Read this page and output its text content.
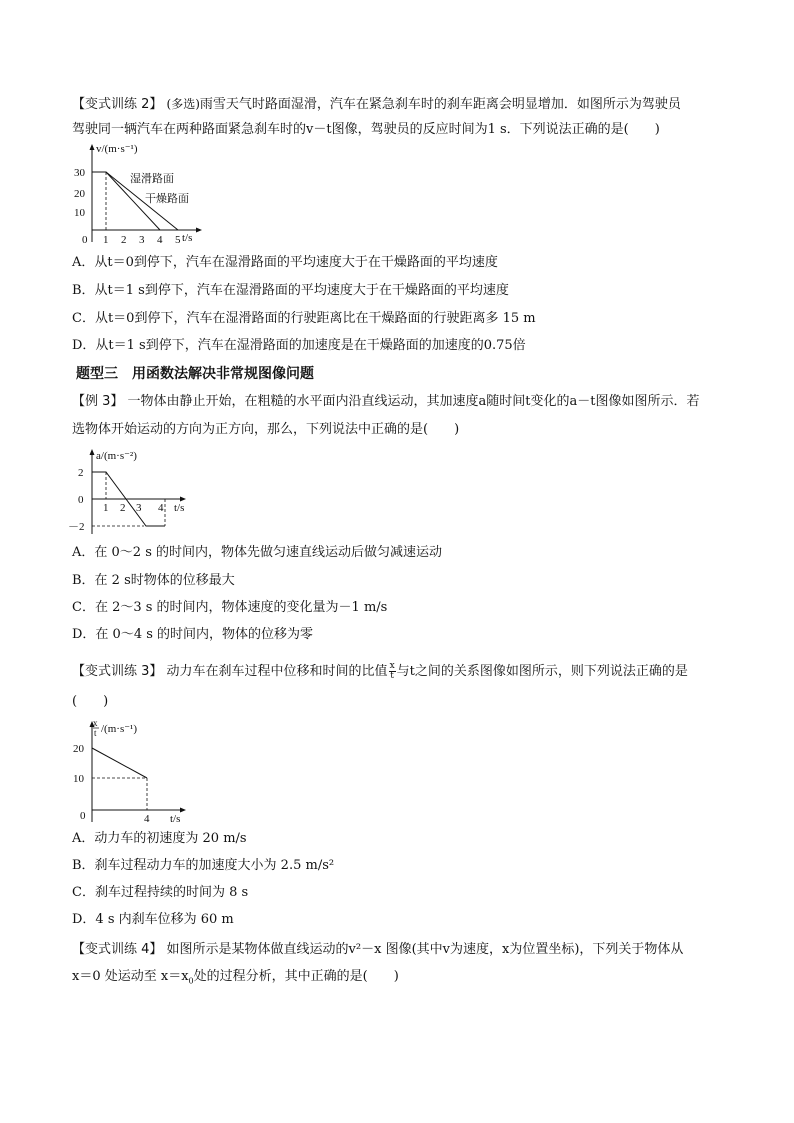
【变式训练 2】 (多选)雨雪天气时路面湿滑，汽车在紧急刹车时的刹车距离会明显增加．如图所示为驾驶员
驾驶同一辆汽车在两种路面紧急刹车时的v－t图像，驾驶员的反应时间为1 s．下列说法正确的是(　　)
v/(m·s⁻¹)
30
20
10
0 1 2 3 4 5 t/s
湿滑路面
干燥路面
A．从t＝0到停下，汽车在湿滑路面的平均速度大于在干燥路面的平均速度
B．从t＝1 s到停下，汽车在湿滑路面的平均速度大于在干燥路面的平均速度
C．从t＝0到停下，汽车在湿滑路面的行驶距离比在干燥路面的行驶距离多 15 m
D．从t＝1 s到停下，汽车在湿滑路面的加速度是在干燥路面的加速度的0.75倍
题型三　用函数法解决非常规图像问题
【例 3】 一物体由静止开始，在粗糙的水平面内沿直线运动，其加速度a随时间t变化的a－t图像如图所示．若
选物体开始运动的方向为正方向，那么，下列说法中正确的是(　　)
a/(m·s⁻²)
2
0
－2
1 2 3 4 t/s
A．在 0～2 s 的时间内，物体先做匀速直线运动后做匀减速运动
B．在 2 s时物体的位移最大
C．在 2～3 s 的时间内，物体速度的变化量为－1 m/s
D．在 0～4 s 的时间内，物体的位移为零
【变式训练 3】 动力车在刹车过程中位移和时间的比值 $\frac{x}{t}$ 与t之间的关系图像如图所示，则下列说法正确的是
(　　)
x
t /(m·s⁻¹)
20
10
0	4 t/s
A．动力车的初速度为 20 m/s
B．刹车过程动力车的加速度大小为 2.5 m/s²
C．刹车过程持续的时间为 8 s
D．4 s 内刹车位移为 60 m
【变式训练 4】 如图所示是某物体做直线运动的v²－x 图像(其中v为速度，x为位置坐标)，下列关于物体从
x＝0 处运动至 $x=x_0$处的过程分析，其中正确的是(　　)
